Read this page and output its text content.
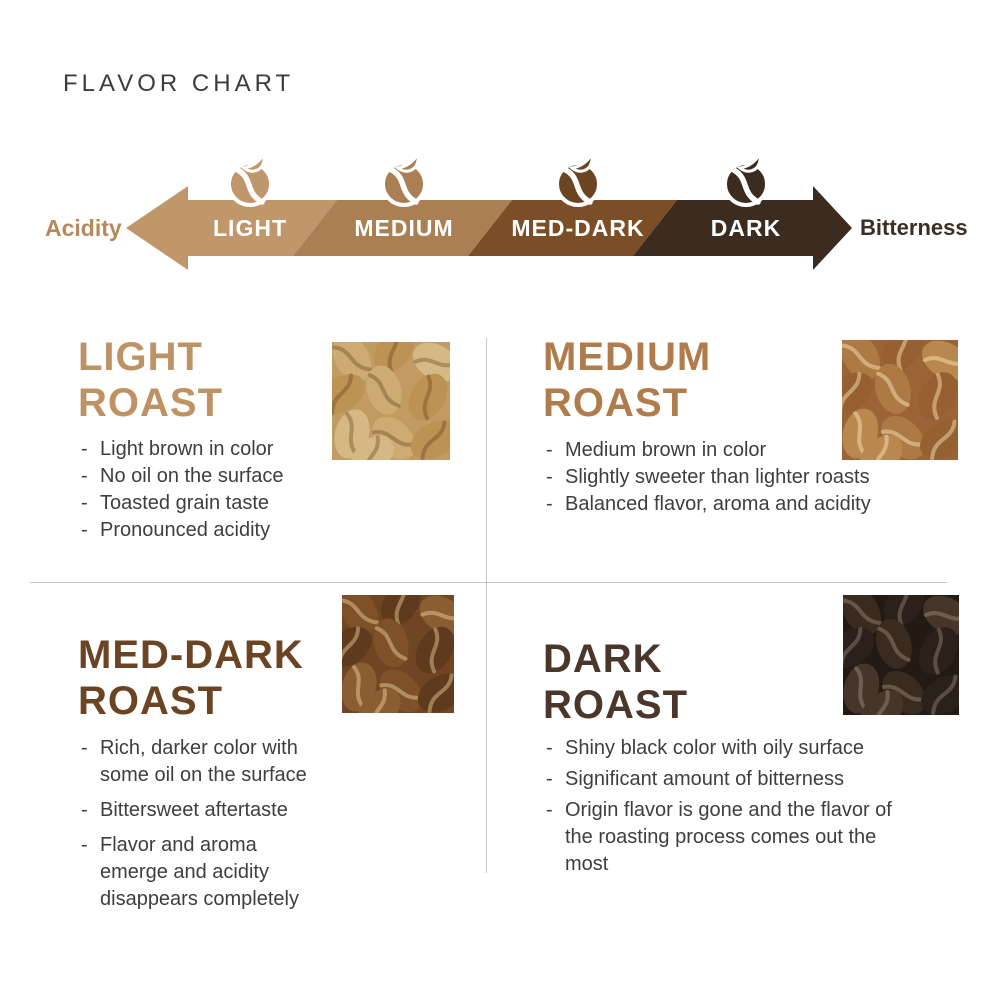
FLAVOR CHART
Acidity	Bitterness
LIGHT	MEDIUM	MED-DARK	DARK
LIGHT
ROAST
- Light brown in color
- No oil on the surface
- Toasted grain taste
- Pronounced acidity
MEDIUM
ROAST
- Medium brown in color
- Slightly sweeter than lighter roasts
- Balanced flavor, aroma and acidity
MED-DARK
ROAST
- Rich, darker color with some oil on the surface
- Bittersweet aftertaste
- Flavor and aroma emerge and acidity disappears completely
DARK
ROAST
- Shiny black color with oily surface
- Significant amount of bitterness
- Origin flavor is gone and the flavor of the roasting process comes out the most
